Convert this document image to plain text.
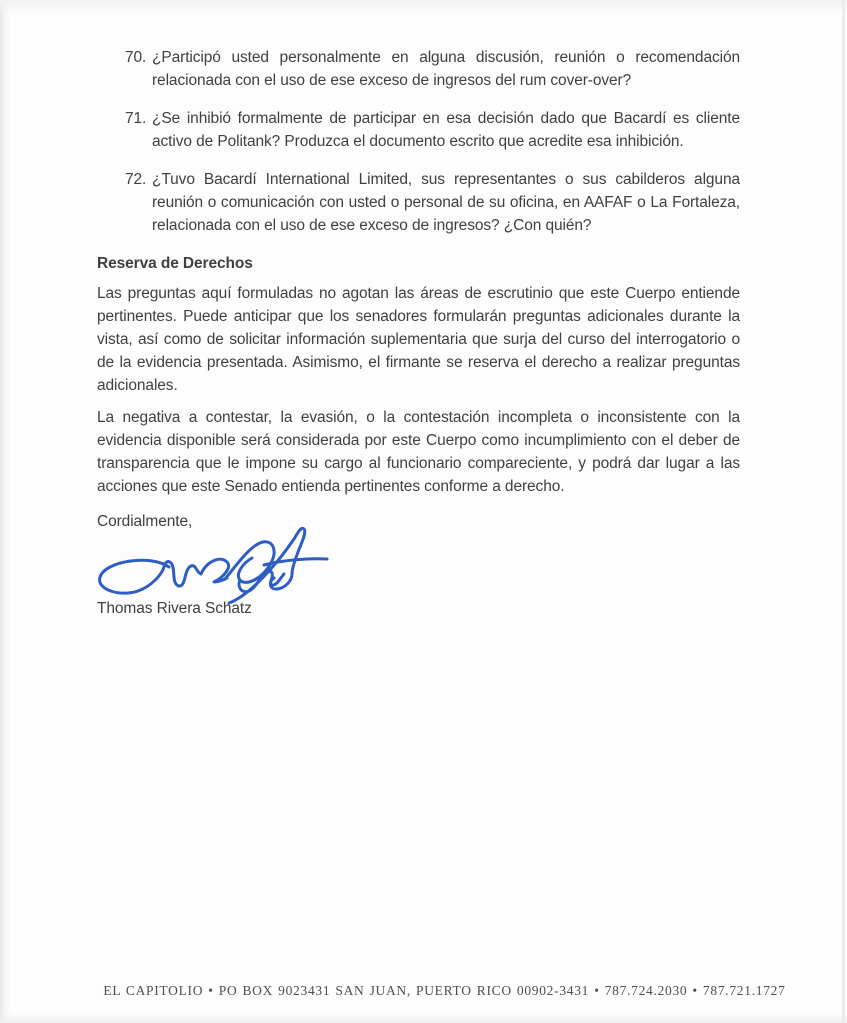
70. ¿Participó usted personalmente en alguna discusión, reunión o recomendación relacionada con el uso de ese exceso de ingresos del rum cover-over?
71. ¿Se inhibió formalmente de participar en esa decisión dado que Bacardí es cliente activo de Politank? Produzca el documento escrito que acredite esa inhibición.
72. ¿Tuvo Bacardí International Limited, sus representantes o sus cabilderos alguna reunión o comunicación con usted o personal de su oficina, en AAFAF o La Fortaleza, relacionada con el uso de ese exceso de ingresos? ¿Con quién?
Reserva de Derechos

Las preguntas aquí formuladas no agotan las áreas de escrutinio que este Cuerpo entiende pertinentes. Puede anticipar que los senadores formularán preguntas adicionales durante la vista, así como de solicitar información suplementaria que surja del curso del interrogatorio o de la evidencia presentada. Asimismo, el firmante se reserva el derecho a realizar preguntas adicionales.

La negativa a contestar, la evasión, o la contestación incompleta o inconsistente con la evidencia disponible será considerada por este Cuerpo como incumplimiento con el deber de transparencia que le impone su cargo al funcionario compareciente, y podrá dar lugar a las acciones que este Senado entienda pertinentes conforme a derecho.

Cordialmente,

Thomas Rivera Schatz

EL CAPITOLIO • PO BOX 9023431 SAN JUAN, PUERTO RICO 00902-3431 • 787.724.2030 • 787.721.1727
